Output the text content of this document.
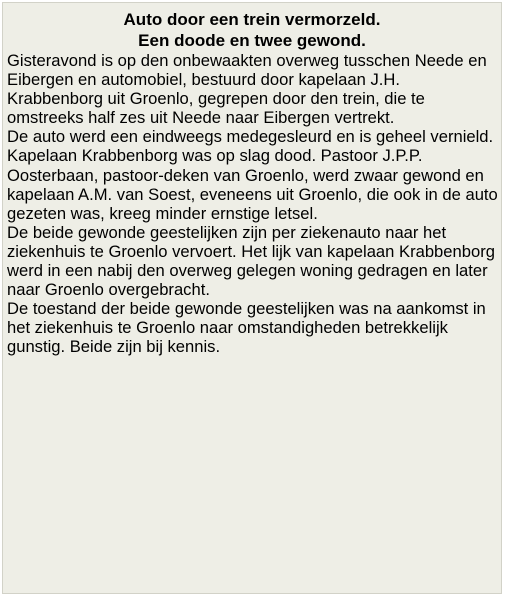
Auto door een trein vermorzeld.
Een doode en twee gewond.

Gisteravond is op den onbewaakten overweg tusschen Neede en Eibergen en automobiel, bestuurd door kapelaan J.H. Krabbenborg uit Groenlo, gegrepen door den trein, die te omstreeks half zes uit Neede naar Eibergen vertrekt.

De auto werd een eindweegs medegesleurd en is geheel vernield.

Kapelaan Krabbenborg was op slag dood. Pastoor J.P.P. Oosterbaan, pastoor-deken van Groenlo, werd zwaar gewond en kapelaan A.M. van Soest, eveneens uit Groenlo, die ook in de auto gezeten was, kreeg minder ernstige letsel.

De beide gewonde geestelijken zijn per ziekenauto naar het ziekenhuis te Groenlo vervoert. Het lijk van kapelaan Krabbenborg werd in een nabij den overweg gelegen woning gedragen en later naar Groenlo overgebracht.

De toestand der beide gewonde geestelijken was na aankomst in het ziekenhuis te Groenlo naar omstandigheden betrekkelijk gunstig. Beide zijn bij kennis.
